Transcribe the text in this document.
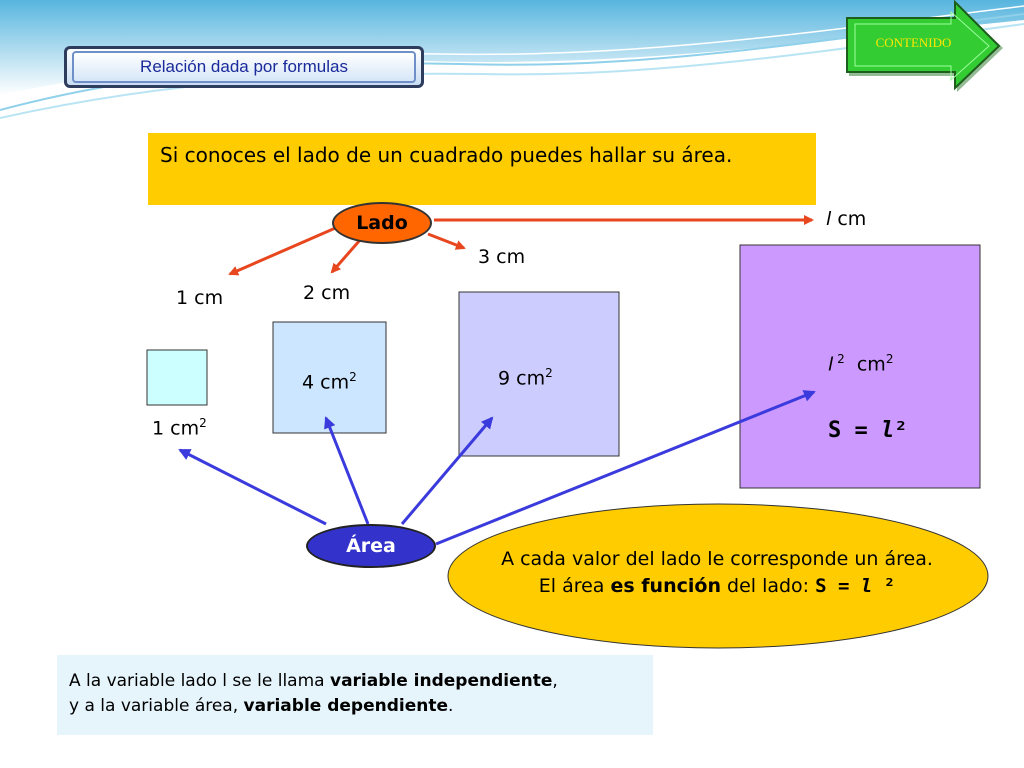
Relación dada por formulas
CONTENIDO
Si conoces el lado de un cuadrado puedes hallar su área.
Lado
Área
l cm
1 cm	2 cm
3 cm
1 $cm^2$
4 $cm^2$	9 $cm^2$	l $^2$ $cm^2$
S = l²
A cada valor del lado le corresponde un área.
El área es función del lado: S = l ²
A la variable lado l se le llama variable independiente,
y a la variable área, variable dependiente.
